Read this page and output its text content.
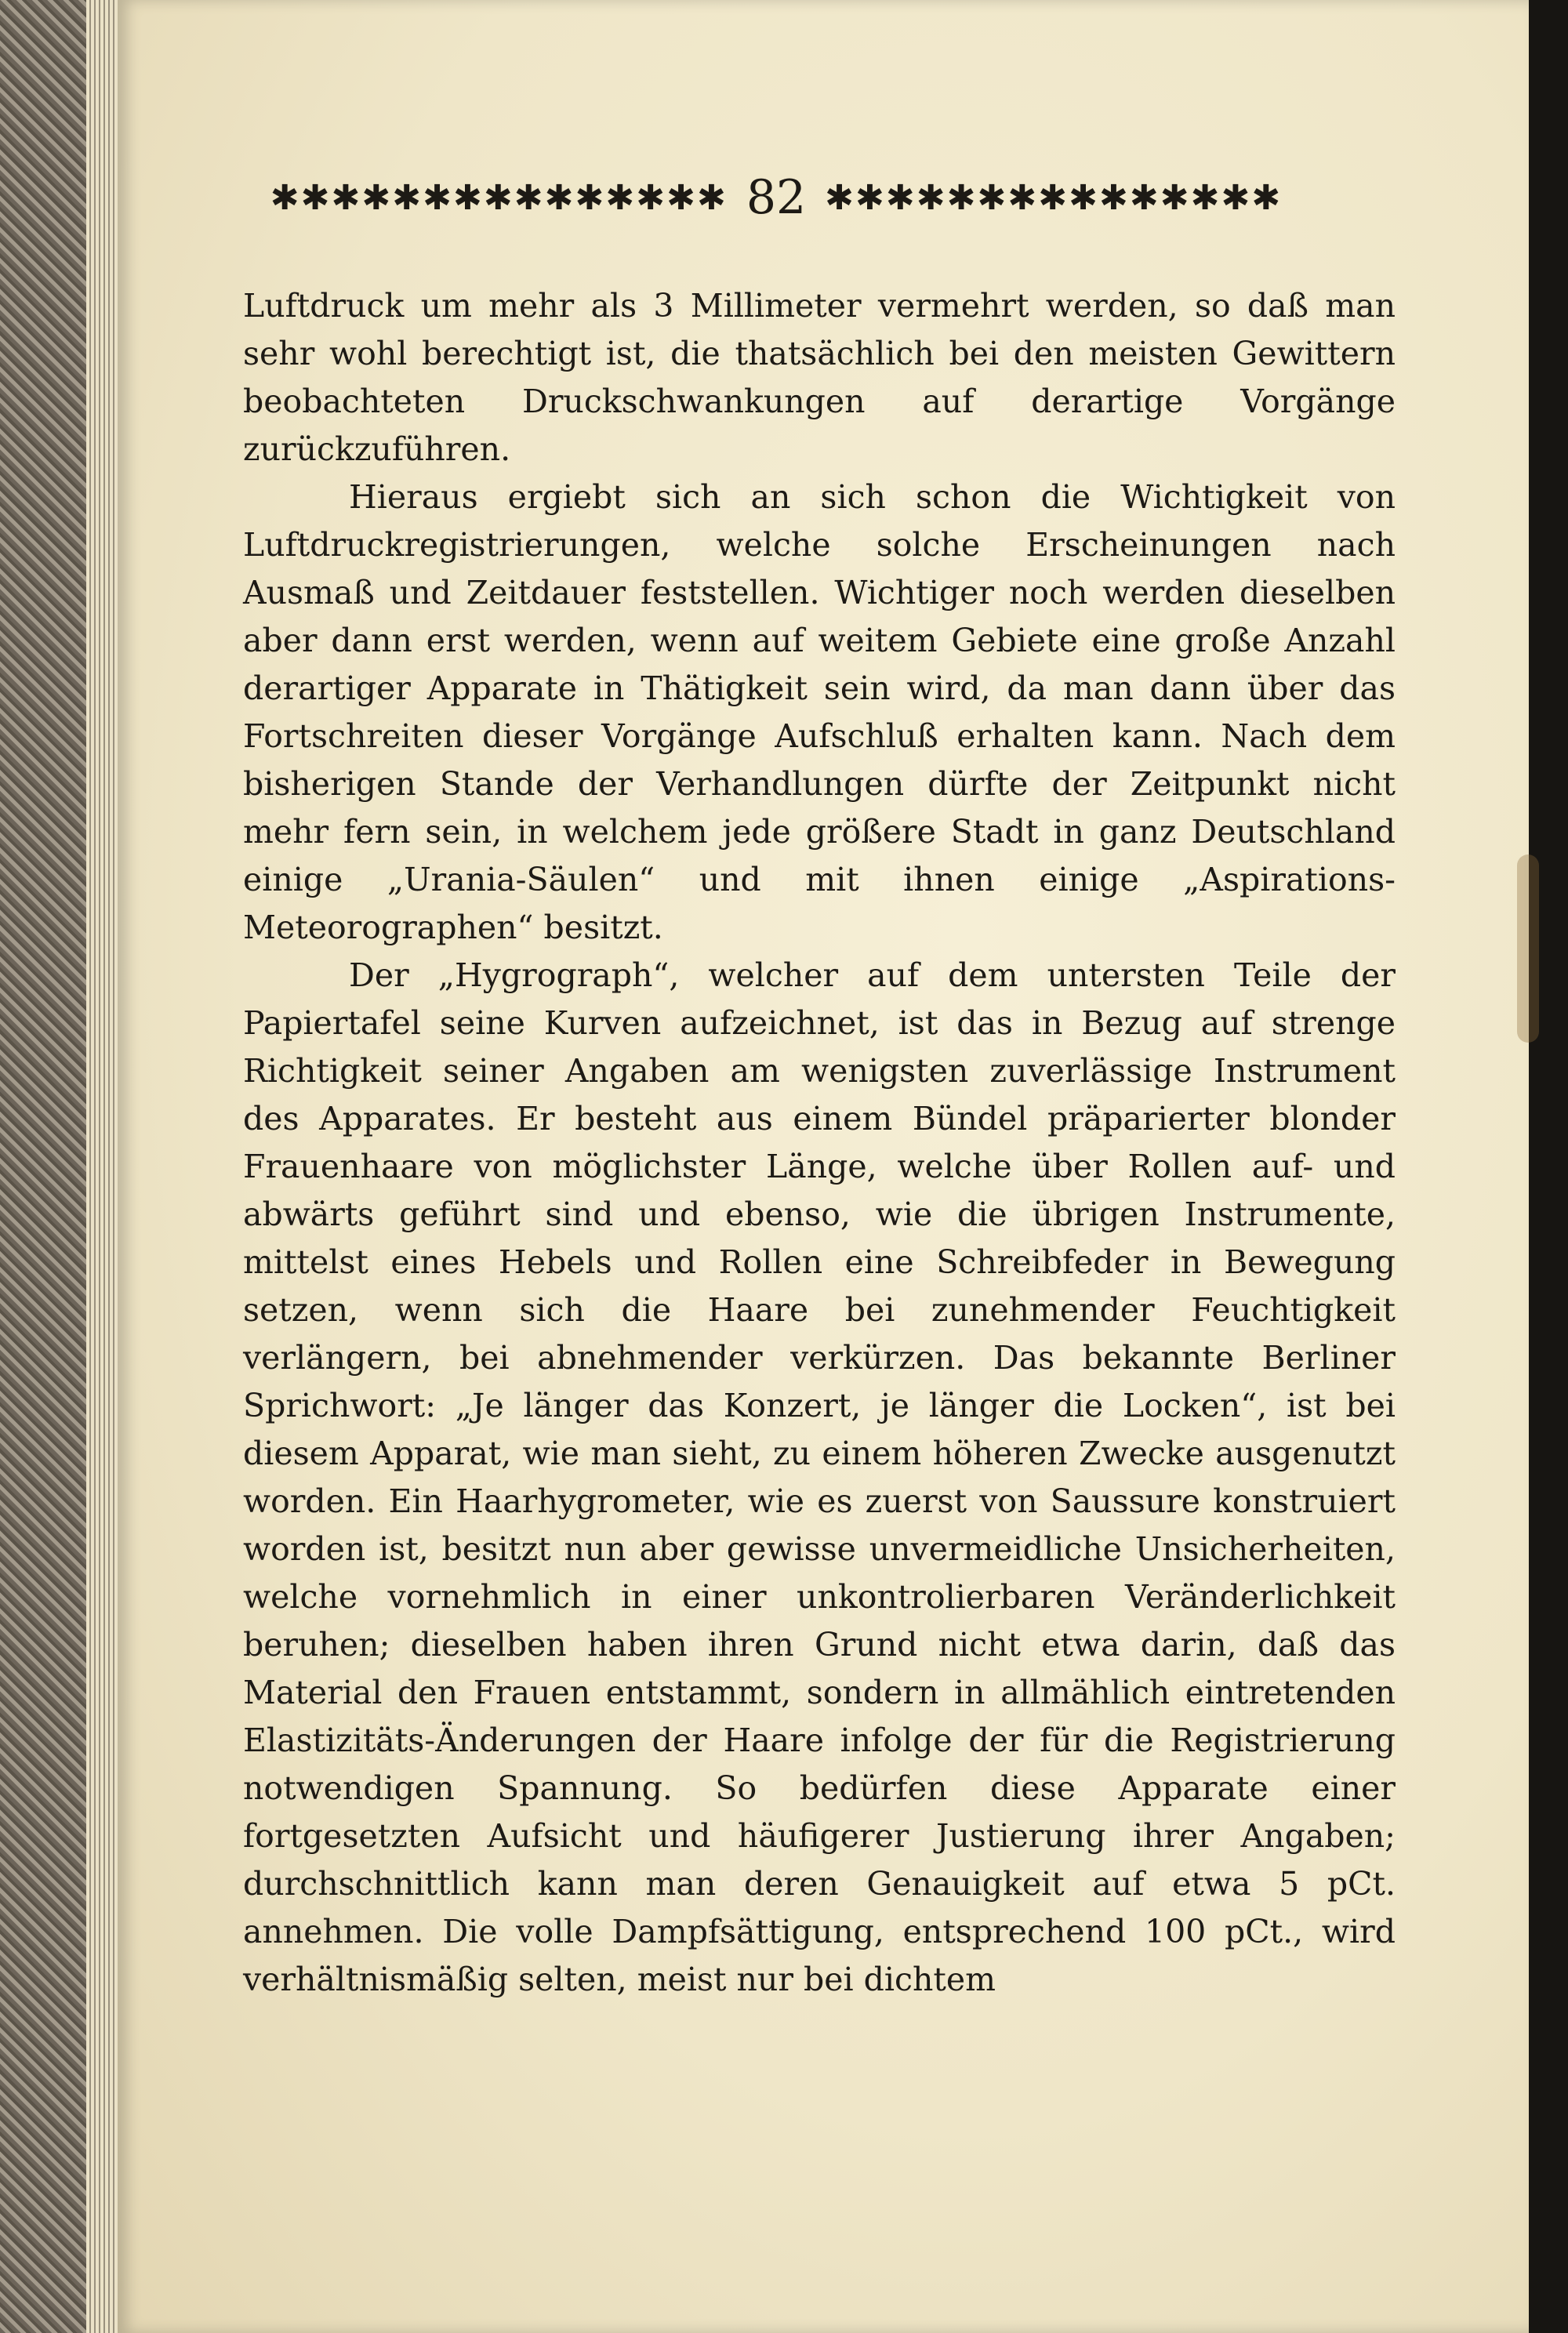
✱✱✱✱✱✱✱✱✱✱✱✱✱✱✱ 82 ✱✱✱✱✱✱✱✱✱✱✱✱✱✱✱

Luftdruck um mehr als 3 Millimeter vermehrt werden, so daß man sehr wohl berechtigt ist, die thatsächlich bei den meisten Gewittern beobachteten Druckschwankungen auf derartige Vorgänge zurückzuführen.

Hieraus ergiebt sich an sich schon die Wichtigkeit von Luftdruckregistrierungen, welche solche Erscheinungen nach Ausmaß und Zeitdauer feststellen. Wichtiger noch werden dieselben aber dann erst werden, wenn auf weitem Gebiete eine große Anzahl derartiger Apparate in Thätigkeit sein wird, da man dann über das Fortschreiten dieser Vorgänge Aufschluß erhalten kann. Nach dem bisherigen Stande der Verhandlungen dürfte der Zeitpunkt nicht mehr fern sein, in welchem jede größere Stadt in ganz Deutschland einige „Urania-Säulen“ und mit ihnen einige „Aspirations-Meteorographen“ besitzt.

Der „Hygrograph“, welcher auf dem untersten Teile der Papiertafel seine Kurven aufzeichnet, ist das in Bezug auf strenge Richtigkeit seiner Angaben am wenigsten zuverlässige Instrument des Apparates. Er besteht aus einem Bündel präparierter blonder Frauenhaare von möglichster Länge, welche über Rollen auf- und abwärts geführt sind und ebenso, wie die übrigen Instrumente, mittelst eines Hebels und Rollen eine Schreibfeder in Bewegung setzen, wenn sich die Haare bei zunehmender Feuchtigkeit verlängern, bei abnehmender verkürzen. Das bekannte Berliner Sprichwort: „Je länger das Konzert, je länger die Locken“, ist bei diesem Apparat, wie man sieht, zu einem höheren Zwecke ausgenutzt worden. Ein Haarhygrometer, wie es zuerst von Saussure konstruiert worden ist, besitzt nun aber gewisse unvermeidliche Unsicherheiten, welche vornehmlich in einer unkontrolierbaren Veränderlichkeit beruhen; dieselben haben ihren Grund nicht etwa darin, daß das Material den Frauen entstammt, sondern in allmählich eintretenden Elastizitäts-Änderungen der Haare infolge der für die Registrierung notwendigen Spannung. So bedürfen diese Apparate einer fortgesetzten Aufsicht und häufigerer Justierung ihrer Angaben; durchschnittlich kann man deren Genauigkeit auf etwa 5 pCt. annehmen. Die volle Dampfsättigung, entsprechend 100 pCt., wird verhältnismäßig selten, meist nur bei dichtem
